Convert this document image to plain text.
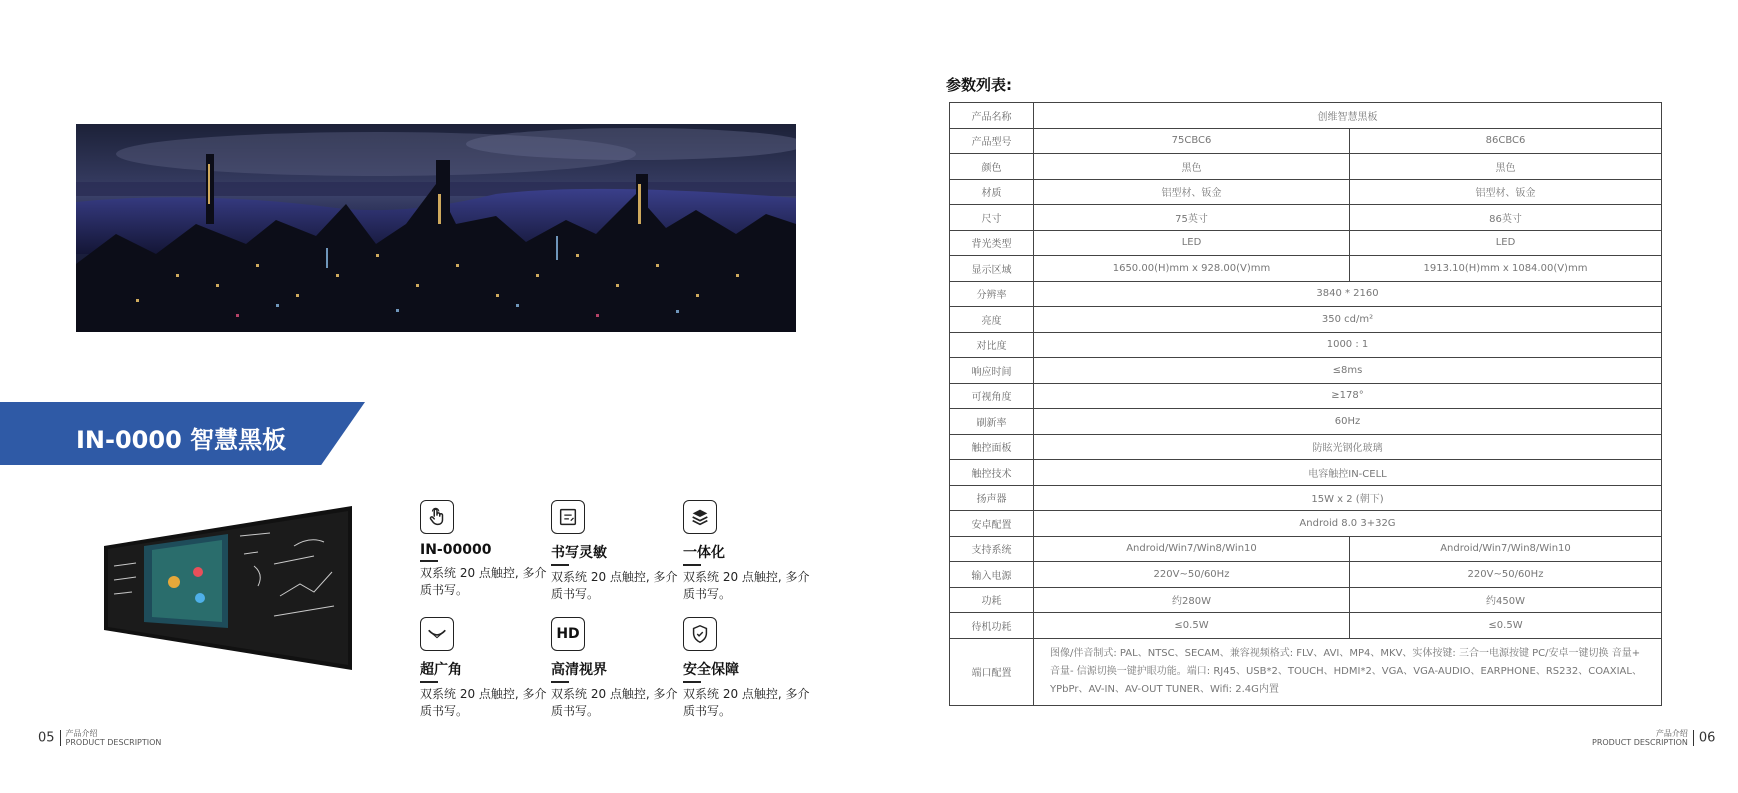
IN-0000 智慧黑板
IN-00000
双系统 20 点触控, 多介质书写。
书写灵敏
双系统 20 点触控, 多介质书写。
一体化
双系统 20 点触控, 多介质书写。
超广角
双系统 20 点触控, 多介质书写。
HD
高清视界
双系统 20 点触控, 多介质书写。
安全保障
双系统 20 点触控, 多介质书写。
05 产品介绍
PRODUCT DESCRIPTION
产品介绍
PRODUCT DESCRIPTION 06
参数列表:
产品名称	创维智慧黑板	
产品型号	75CBC6	86CBC6
颜色	黑色	黑色
材质	铝型材、钣金	铝型材、钣金
尺寸	75英寸	86英寸
背光类型	LED	LED
显示区域	1650.00(H)mm x 928.00(V)mm	1913.10(H)mm x 1084.00(V)mm
分辨率	3840 * 2160	
亮度	350 cd/m²	
对比度	1000 : 1	
响应时间	≤8ms	
可视角度	≥178°	
刷新率	60Hz	
触控面板	防眩光钢化玻璃	
触控技术	电容触控IN-CELL	
扬声器	15W x 2 (朝下)	
安卓配置	Android 8.0 3+32G	
支持系统	Android/Win7/Win8/Win10	Android/Win7/Win8/Win10
输入电源	220V~50/60Hz	220V~50/60Hz
功耗	约280W	约450W
待机功耗	≤0.5W	≤0.5W
端口配置	图像/伴音制式: PAL、NTSC、SECAM、兼容视频格式: FLV、AVI、MP4、MKV、实体按键: 三合一电源按键 PC/安卓一键切换 音量+ 音量- 信源切换一键护眼功能。端口: RJ45、USB*2、TOUCH、HDMI*2、VGA、VGA-AUDIO、EARPHONE、RS232、COAXIAL、YPbPr、AV-IN、AV-OUT TUNER、Wifi: 2.4G内置	
